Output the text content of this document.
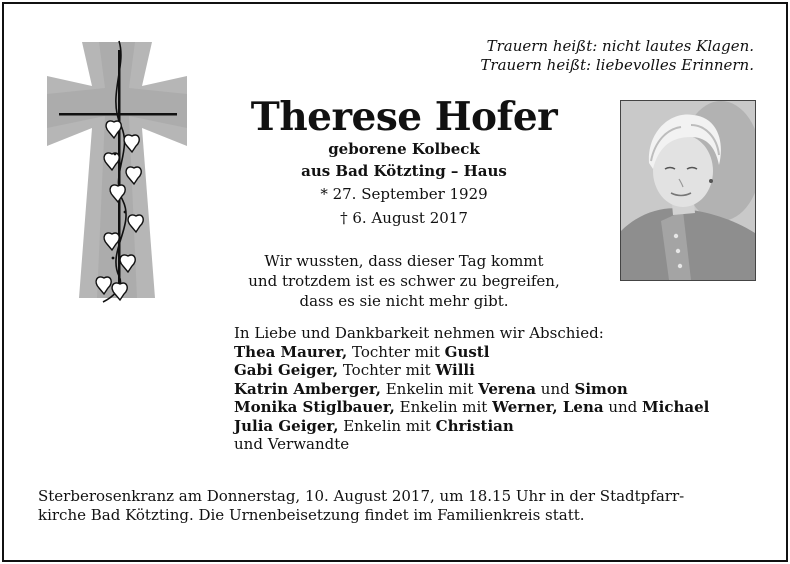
Trauern heißt: nicht lautes Klagen.
Trauern heißt: liebevolles Erinnern.
Therese Hofer
geborene Kolbeck
aus Bad Kötzting – Haus
* 27. September 1929
† 6. August 2017
Wir wussten, dass dieser Tag kommt
und trotzdem ist es schwer zu begreifen,
dass es sie nicht mehr gibt.
In Liebe und Dankbarkeit nehmen wir Abschied:
Thea Maurer, Tochter mit Gustl
Gabi Geiger, Tochter mit Willi
Katrin Amberger, Enkelin mit Verena und Simon
Monika Stiglbauer, Enkelin mit Werner, Lena und Michael
Julia Geiger, Enkelin mit Christian
und Verwandte
Sterberosenkranz am Donnerstag, 10. August 2017, um 18.15 Uhr in der Stadtpfarr-
kirche Bad Kötzting. Die Urnenbeisetzung findet im Familienkreis statt.
